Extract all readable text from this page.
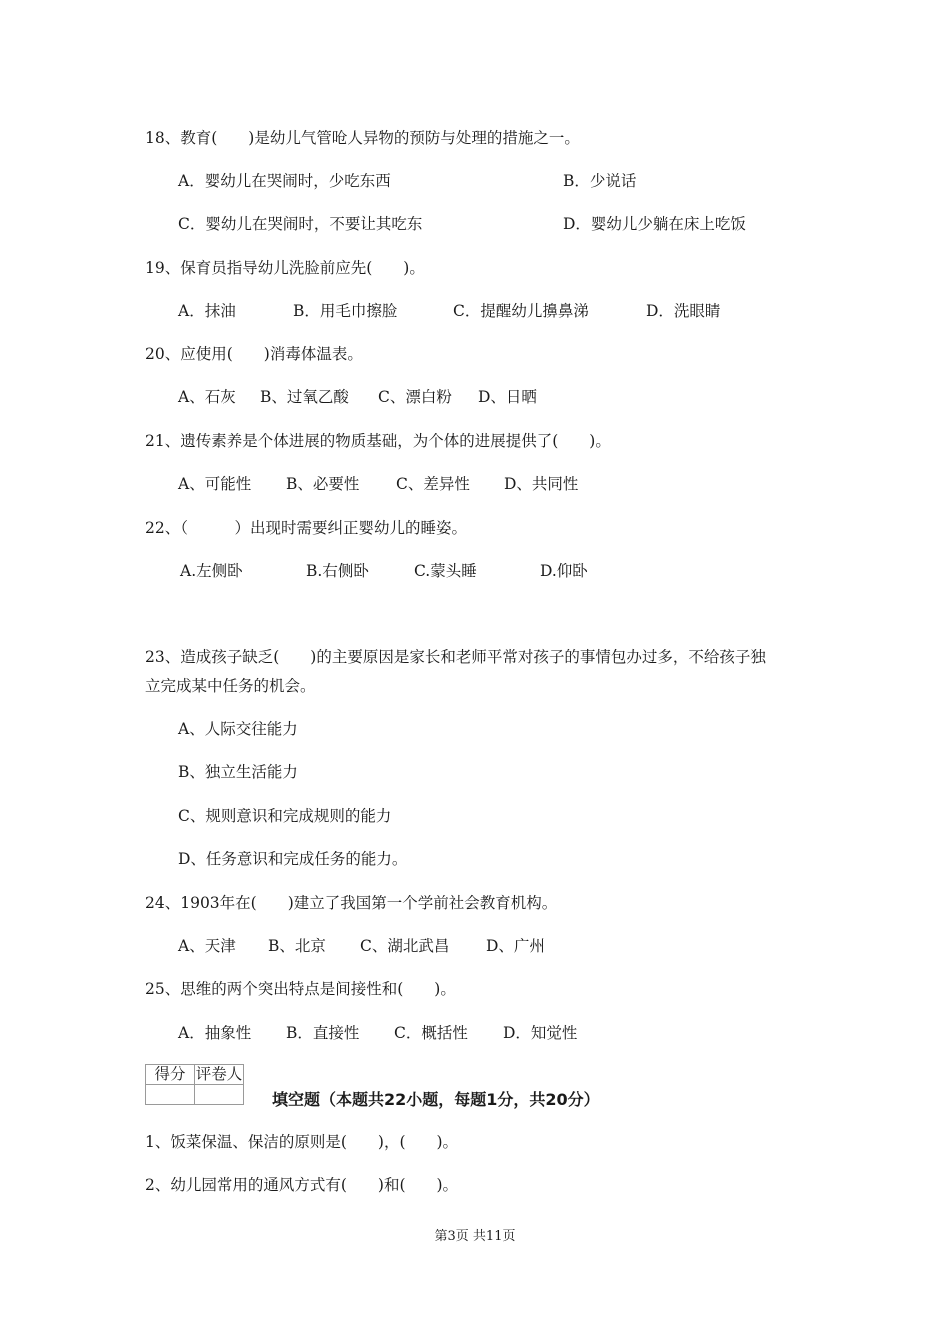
18、教育(　　)是幼儿气管呛人异物的预防与处理的措施之一。
A．婴幼儿在哭闹时，少吃东西	B．少说话
C．婴幼儿在哭闹时，不要让其吃东	D．婴幼儿少躺在床上吃饭
19、保育员指导幼儿洗脸前应先(　　)。
A．抹油	B．用毛巾擦脸	C．提醒幼儿擤鼻涕	D．洗眼睛
20、应使用(　　)消毒体温表。
A、石灰 B、过氧乙酸 C、漂白粉 D、日晒
21、遗传素养是个体进展的物质基础，为个体的进展提供了(　　)。
A、可能性 B、必要性 C、差异性 D、共同性
22、（　　　）出现时需要纠正婴幼儿的睡姿。
A.左侧卧	B.右侧卧	C.蒙头睡	D.仰卧
23、造成孩子缺乏(　　)的主要原因是家长和老师平常对孩子的事情包办过多，不给孩子独
立完成某中任务的机会。
A、人际交往能力
B、独立生活能力
C、规则意识和完成规则的能力
D、任务意识和完成任务的能力。
24、1903年在(　　)建立了我国第一个学前社会教育机构。
A、天津 B、北京 C、湖北武昌 D、广州
25、思维的两个突出特点是间接性和(　　)。
A．抽象性 B．直接性 C．概括性 D．知觉性
得分	评卷人

填空题（本题共22小题，每题1分，共20分）
1、饭菜保温、保洁的原则是(　　)，(　　)。
2、幼儿园常用的通风方式有(　　)和(　　)。
第3页 共11页
